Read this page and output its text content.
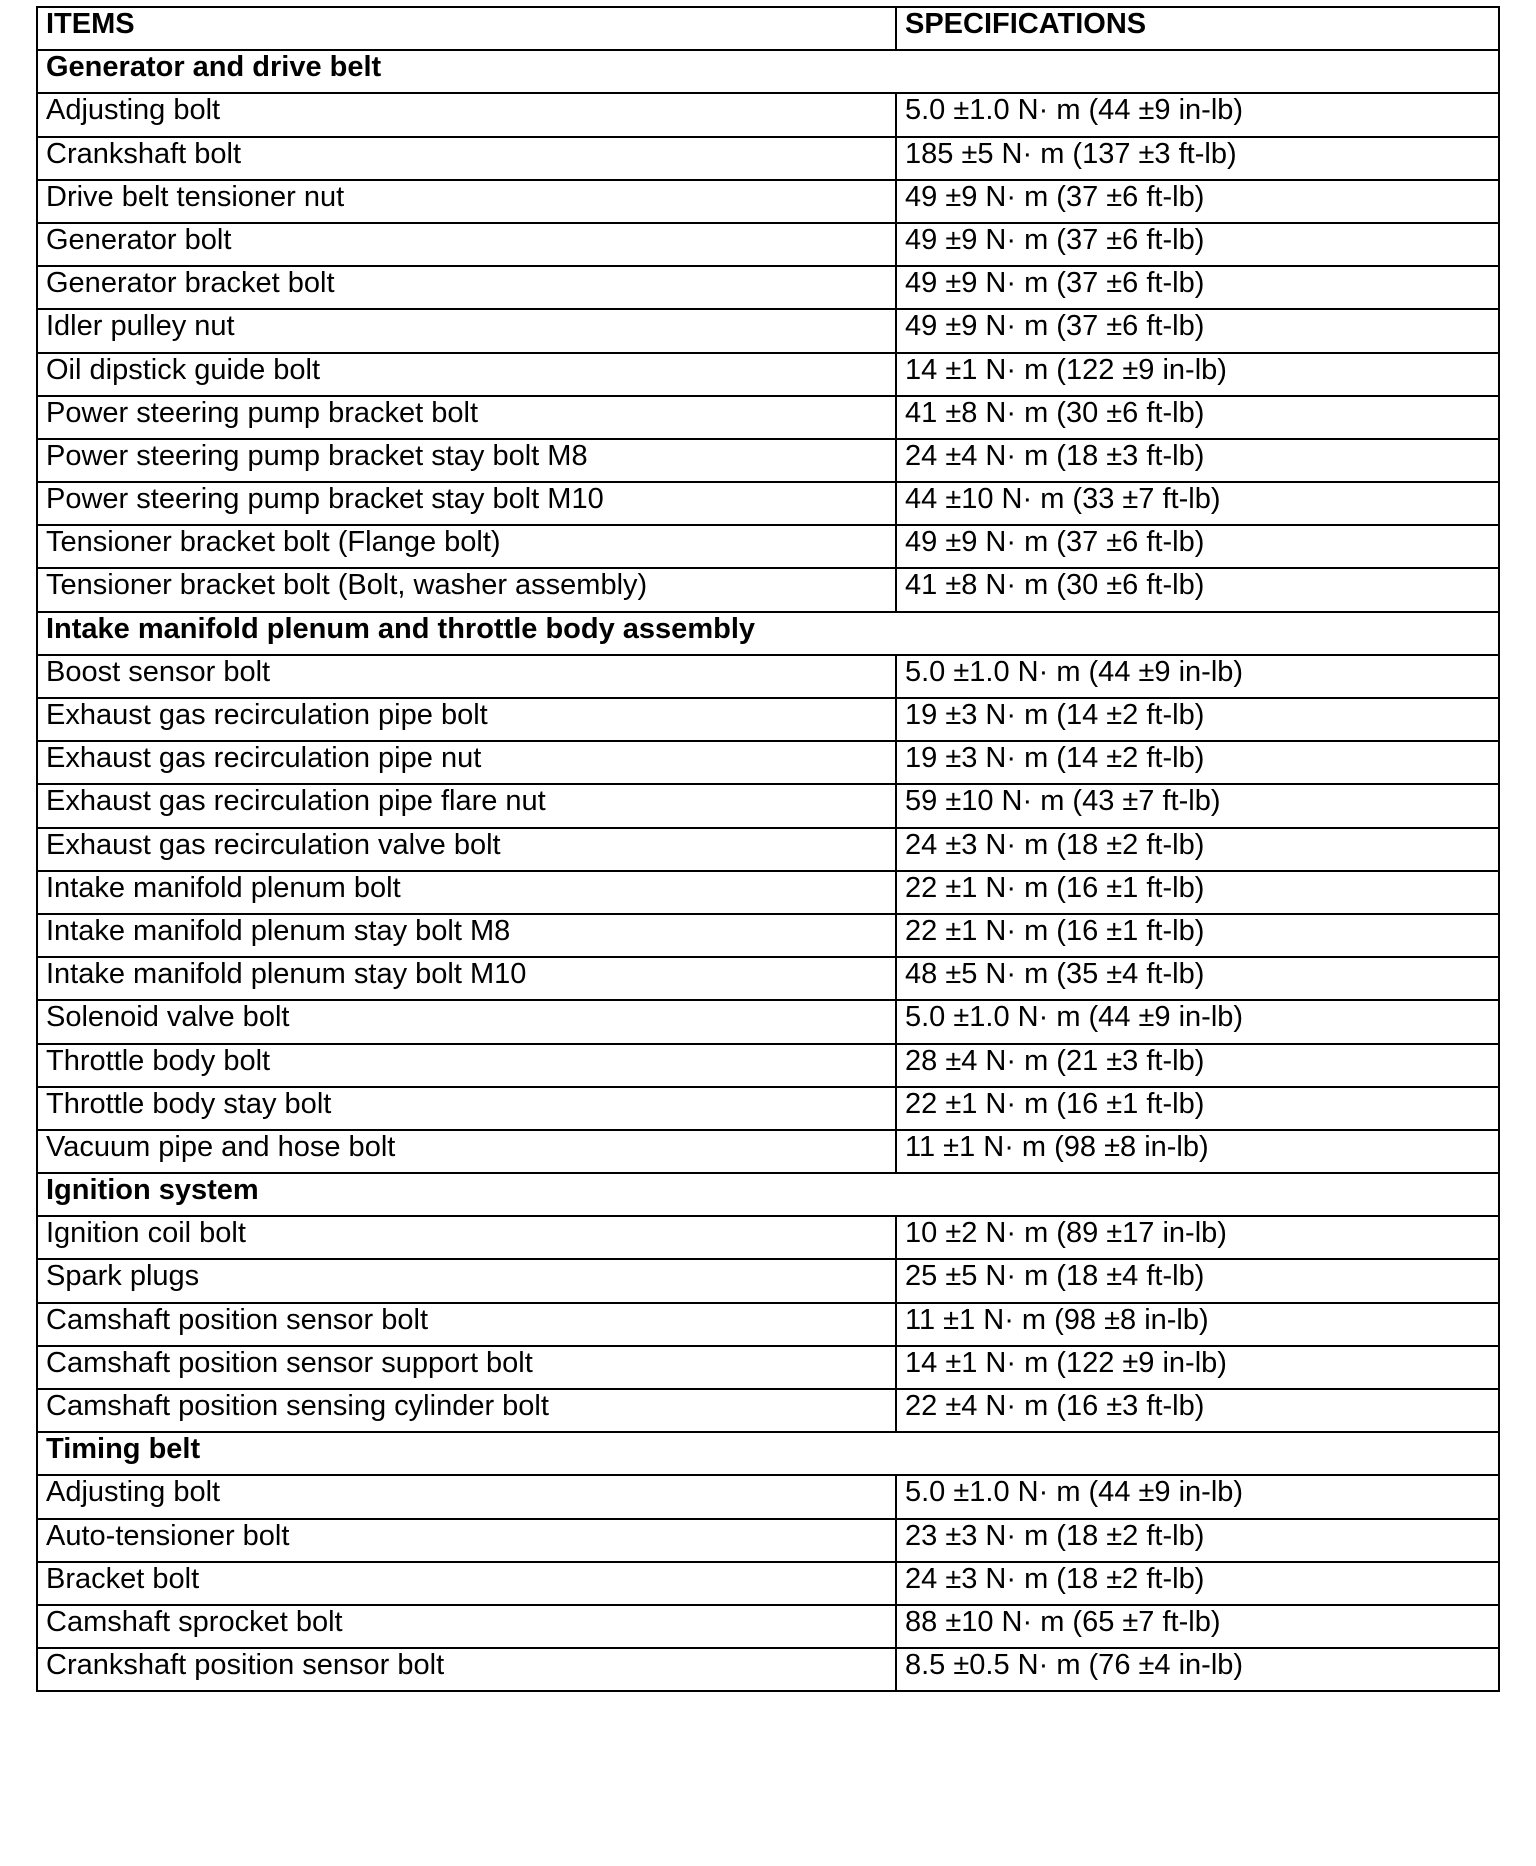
ITEMS	SPECIFICATIONS
Generator and drive belt	
Adjusting bolt	5.0 ±1.0 N· m (44 ±9 in-lb)
Crankshaft bolt	185 ±5 N· m (137 ±3 ft-lb)
Drive belt tensioner nut	49 ±9 N· m (37 ±6 ft-lb)
Generator bolt	49 ±9 N· m (37 ±6 ft-lb)
Generator bracket bolt	49 ±9 N· m (37 ±6 ft-lb)
Idler pulley nut	49 ±9 N· m (37 ±6 ft-lb)
Oil dipstick guide bolt	14 ±1 N· m (122 ±9 in-lb)
Power steering pump bracket bolt	41 ±8 N· m (30 ±6 ft-lb)
Power steering pump bracket stay bolt M8	24 ±4 N· m (18 ±3 ft-lb)
Power steering pump bracket stay bolt M10	44 ±10 N· m (33 ±7 ft-lb)
Tensioner bracket bolt (Flange bolt)	49 ±9 N· m (37 ±6 ft-lb)
Tensioner bracket bolt (Bolt, washer assembly)	41 ±8 N· m (30 ±6 ft-lb)
Intake manifold plenum and throttle body assembly	
Boost sensor bolt	5.0 ±1.0 N· m (44 ±9 in-lb)
Exhaust gas recirculation pipe bolt	19 ±3 N· m (14 ±2 ft-lb)
Exhaust gas recirculation pipe nut	19 ±3 N· m (14 ±2 ft-lb)
Exhaust gas recirculation pipe flare nut	59 ±10 N· m (43 ±7 ft-lb)
Exhaust gas recirculation valve bolt	24 ±3 N· m (18 ±2 ft-lb)
Intake manifold plenum bolt	22 ±1 N· m (16 ±1 ft-lb)
Intake manifold plenum stay bolt M8	22 ±1 N· m (16 ±1 ft-lb)
Intake manifold plenum stay bolt M10	48 ±5 N· m (35 ±4 ft-lb)
Solenoid valve bolt	5.0 ±1.0 N· m (44 ±9 in-lb)
Throttle body bolt	28 ±4 N· m (21 ±3 ft-lb)
Throttle body stay bolt	22 ±1 N· m (16 ±1 ft-lb)
Vacuum pipe and hose bolt	11 ±1 N· m (98 ±8 in-lb)
Ignition system	
Ignition coil bolt	10 ±2 N· m (89 ±17 in-lb)
Spark plugs	25 ±5 N· m (18 ±4 ft-lb)
Camshaft position sensor bolt	11 ±1 N· m (98 ±8 in-lb)
Camshaft position sensor support bolt	14 ±1 N· m (122 ±9 in-lb)
Camshaft position sensing cylinder bolt	22 ±4 N· m (16 ±3 ft-lb)
Timing belt	
Adjusting bolt	5.0 ±1.0 N· m (44 ±9 in-lb)
Auto-tensioner bolt	23 ±3 N· m (18 ±2 ft-lb)
Bracket bolt	24 ±3 N· m (18 ±2 ft-lb)
Camshaft sprocket bolt	88 ±10 N· m (65 ±7 ft-lb)
Crankshaft position sensor bolt	8.5 ±0.5 N· m (76 ±4 in-lb)
